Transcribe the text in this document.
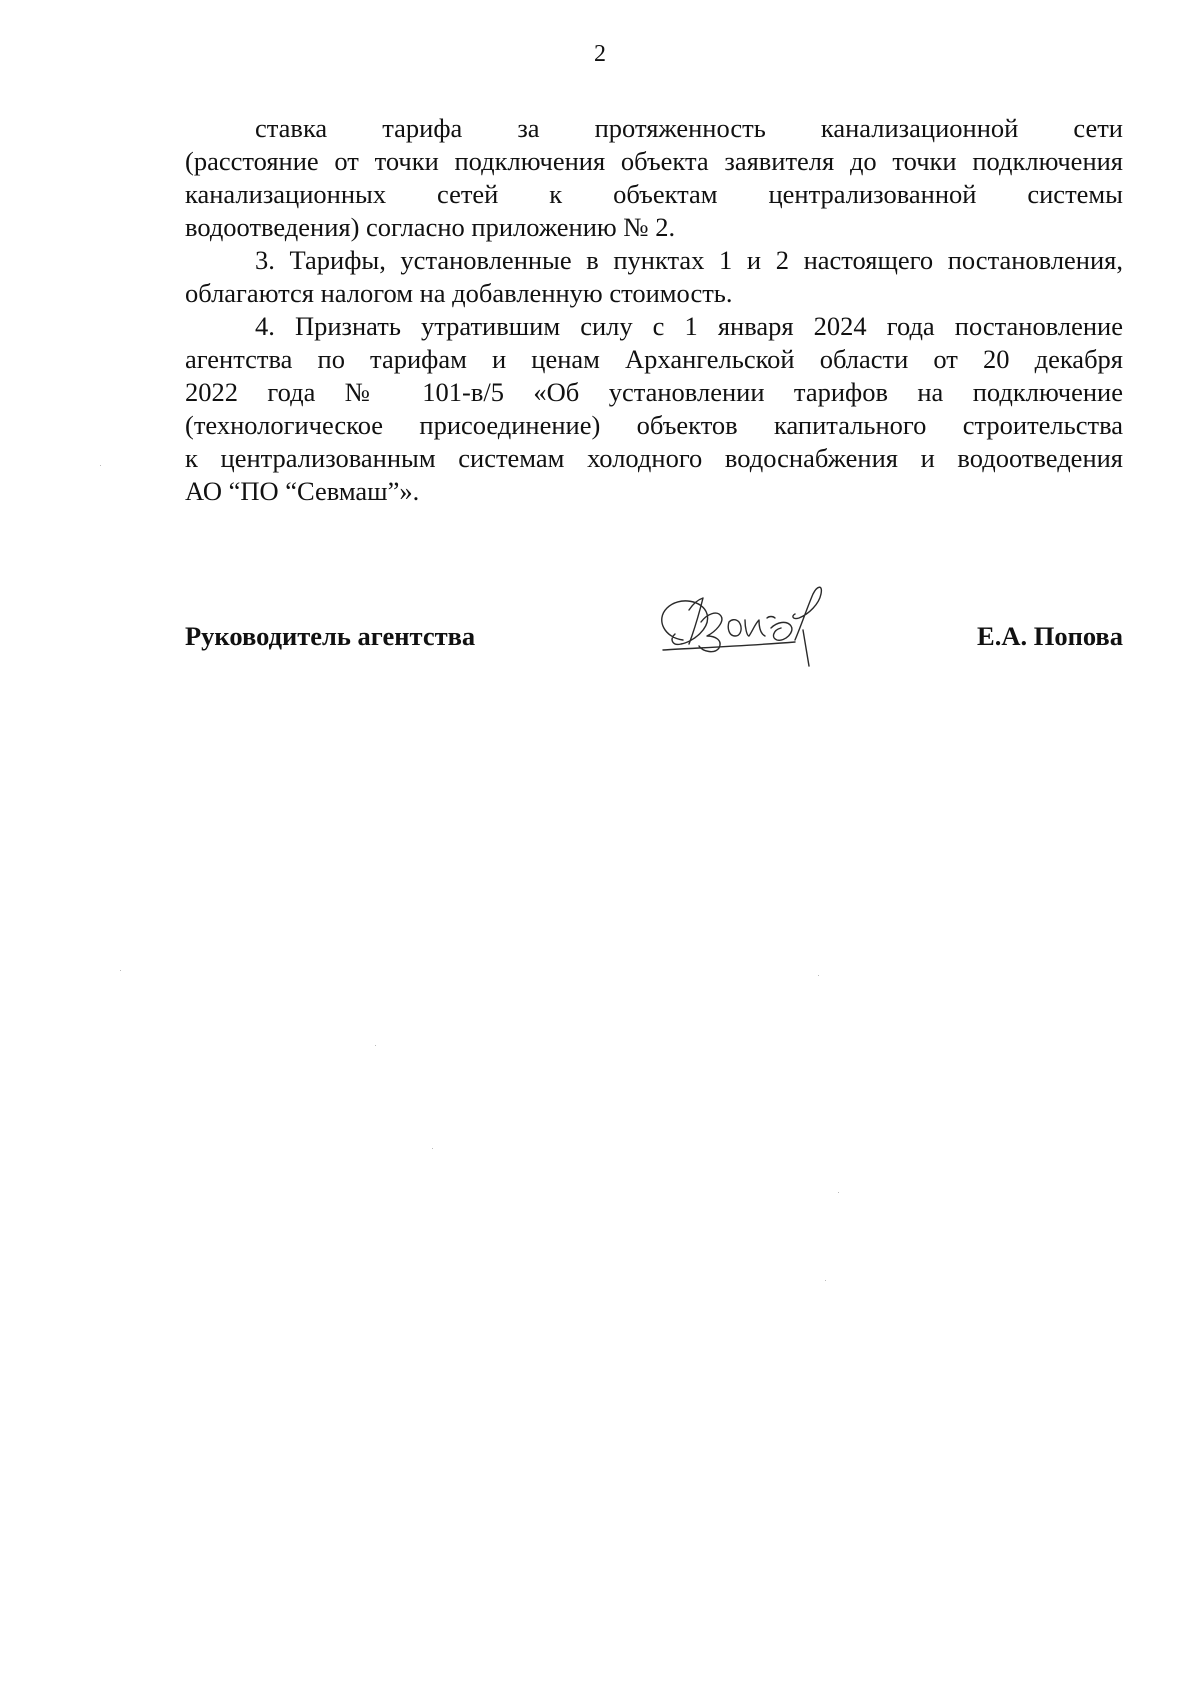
2

ставка тарифа за протяженность канализационной сети
(расстояние от точки подключения объекта заявителя до точки подключения
канализационных сетей к объектам централизованной системы
водоотведения) согласно приложению № 2.

3. Тарифы, установленные в пунктах 1 и 2 настоящего постановления,
облагаются налогом на добавленную стоимость.

4. Признать утратившим силу с 1 января 2024 года постановление
агентства по тарифам и ценам Архангельской области от 20 декабря
2022 года № 101-в/5 «Об установлении тарифов на подключение
(технологическое присоединение) объектов капитального строительства
к централизованным системам холодного водоснабжения и водоотведения
АО “ПО “Севмаш”».

Руководитель агентства	Е.А. Попова
